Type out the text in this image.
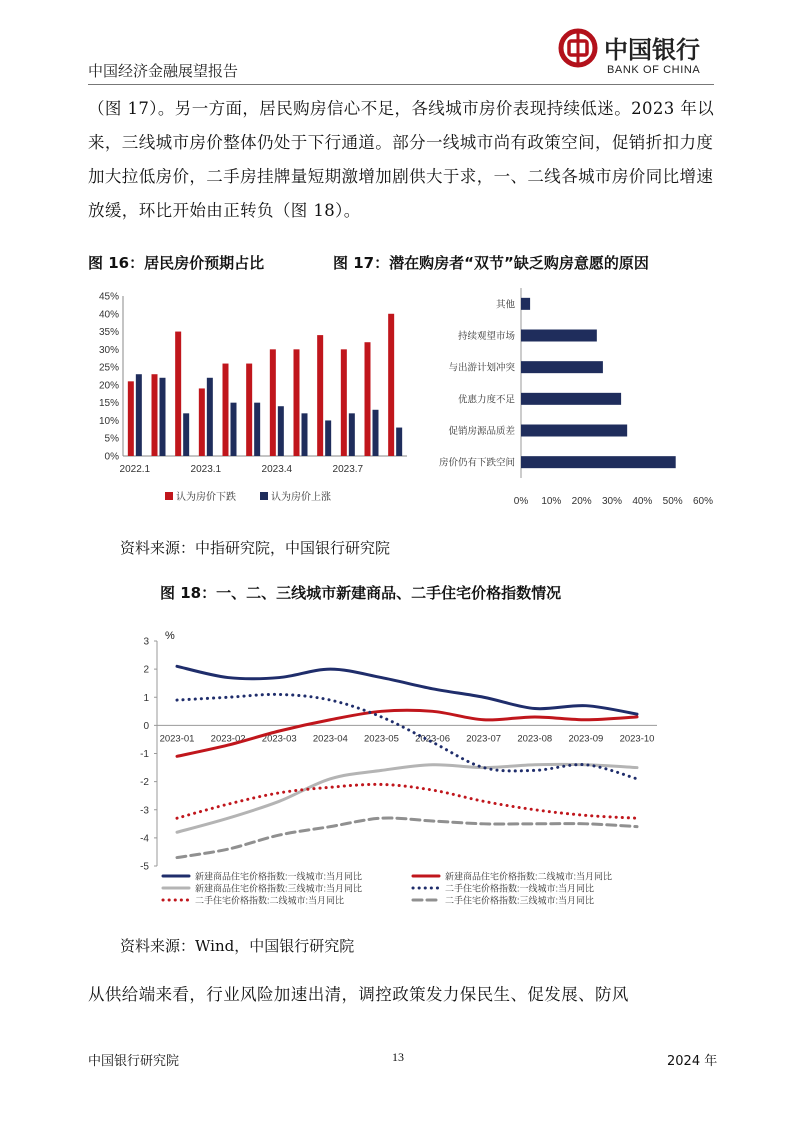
中国经济金融展望报告
中国银行
BANK OF CHINA
（图 17）。另一方面，居民购房信心不足，各线城市房价表现持续低迷。2023 年以来，三线城市房价整体仍处于下行通道。部分一线城市尚有政策空间，促销折扣力度加大拉低房价，二手房挂牌量短期激增加剧供大于求，一、二线各城市房价同比增速放缓，环比开始由正转负（图 18）。
图 16：居民房价预期占比	图 17：潜在购房者“双节”缺乏购房意愿的原因
0%
5%
10%
15%
20%
25%
30%
35%
40%
45%
2022.1	2023.1	2023.4	2023.7
认为房价下跌	认为房价上涨
其他
持续观望市场
与出游计划冲突
优惠力度不足
促销房源品质差
房价仍有下跌空间
0% 10% 20% 30% 40% 50% 60%
资料来源：中指研究院，中国银行研究院
图 18：一、二、三线城市新建商品、二手住宅价格指数情况
3
2
1
0
-1
-2
-3
-4
-5
%
2023-01 2023-02 2023-03 2023-04 2023-05 2023-06 2023-07 2023-08 2023-09 2023-10
新建商品住宅价格指数:一线城市:当月同比	新建商品住宅价格指数:二线城市:当月同比
新建商品住宅价格指数:三线城市:当月同比	二手住宅价格指数:一线城市:当月同比
二手住宅价格指数:二线城市:当月同比	二手住宅价格指数:三线城市:当月同比
资料来源：Wind，中国银行研究院
从供给端来看，行业风险加速出清，调控政策发力保民生、促发展、防风
中国银行研究院	13	2024 年
